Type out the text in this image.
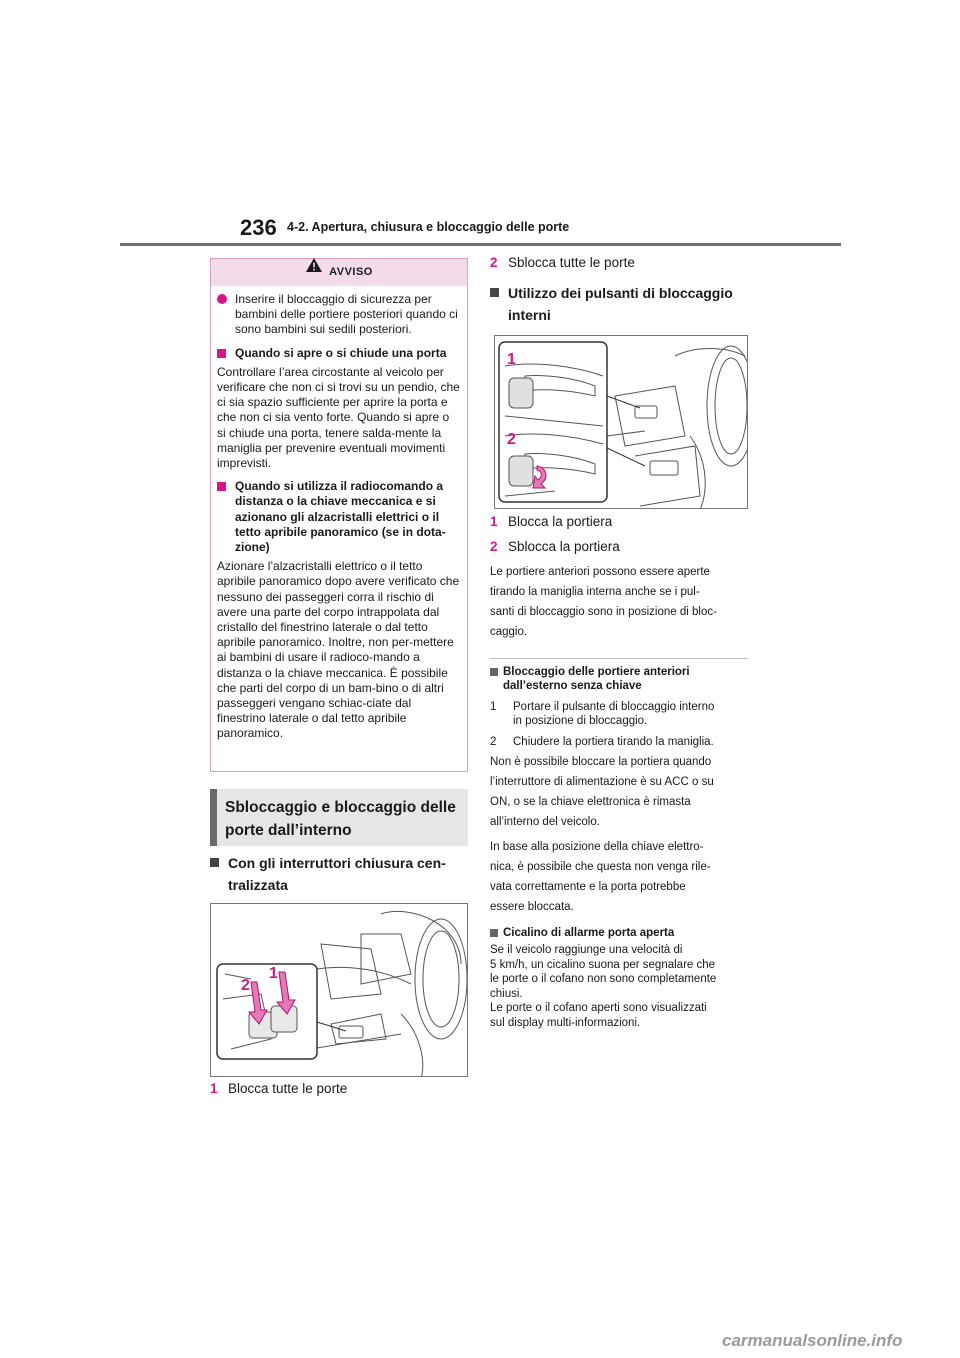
236 4-2. Apertura, chiusura e bloccaggio delle porte
AVVISO
Inserire il bloccaggio di sicurezza per bambini delle portiere posteriori quando ci sono bambini sui sedili posteriori.
Quando si apre o si chiude una porta

Controllare l’area circostante al veicolo per verificare che non ci si trovi su un pendio, che ci sia spazio sufficiente per aprire la porta e che non ci sia vento forte. Quando si apre o si chiude una porta, tenere salda-mente la maniglia per prevenire eventuali movimenti imprevisti.

Quando si utilizza il radiocomando a distanza o la chiave meccanica e si azionano gli alzacristalli elettrici o il tetto apribile panoramico (se in dota-zione)

Azionare l’alzacristalli elettrico o il tetto apribile panoramico dopo avere verificato che nessuno dei passeggeri corra il rischio di avere una parte del corpo intrappolata dal cristallo del finestrino laterale o dal tetto apribile panoramico. Inoltre, non per-mettere ai bambini di usare il radioco-mando a distanza o la chiave meccanica. È possibile che parti del corpo di un bam-bino o di altri passeggeri vengano schiac-ciate dal finestrino laterale o dal tetto apribile panoramico.

Sbloccaggio e bloccaggio delle
porte dall’interno
Con gli interruttori chiusura cen-
tralizzata
1
2
1 Blocca tutte le porte
2 Sblocca tutte le porte
Utilizzo dei pulsanti di bloccaggio
interni
1
2
1 Blocca la portiera
2 Sblocca la portiera
Le portiere anteriori possono essere aperte
tirando la maniglia interna anche se i pul-
santi di bloccaggio sono in posizione di bloc-
caggio.
Bloccaggio delle portiere anteriori
dall’esterno senza chiave
1	Portare il pulsante di bloccaggio interno
in posizione di bloccaggio.
2	Chiudere la portiera tirando la maniglia.
Non è possibile bloccare la portiera quando
l’interruttore di alimentazione è su ACC o su
ON, o se la chiave elettronica è rimasta
all’interno del veicolo.
In base alla posizione della chiave elettro-
nica, è possibile che questa non venga rile-
vata correttamente e la porta potrebbe
essere bloccata.
Cicalino di allarme porta aperta
Se il veicolo raggiunge una velocità di
5 km/h, un cicalino suona per segnalare che
le porte o il cofano non sono completamente
chiusi.
Le porte o il cofano aperti sono visualizzati
sul display multi-informazioni.
carmanualsonline.info
